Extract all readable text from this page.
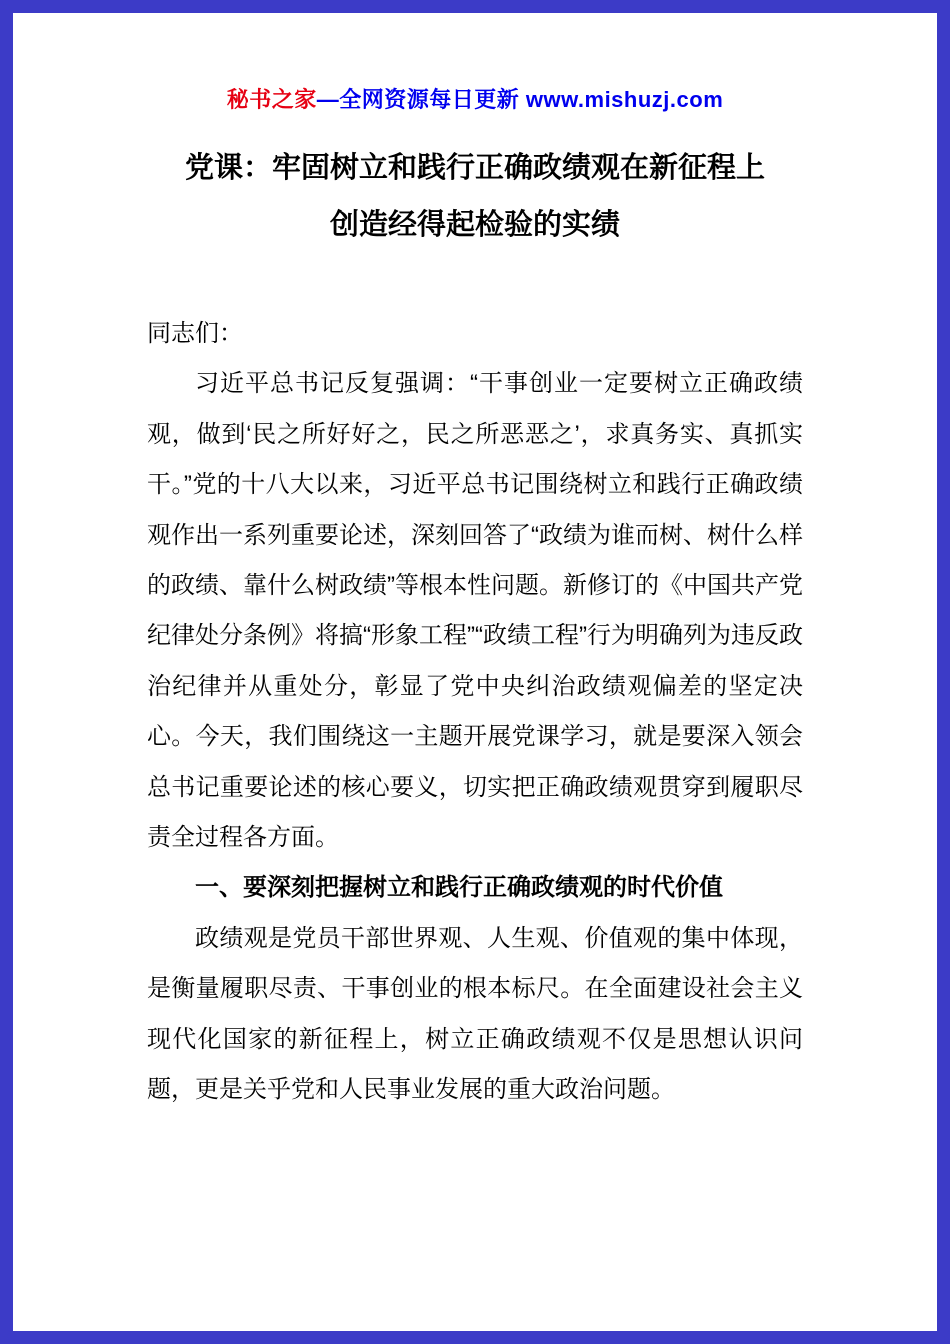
秘书之家—全网资源每日更新 www.mishuzj.com
党课：牢固树立和践行正确政绩观在新征程上
创造经得起检验的实绩

同志们：

习近平总书记反复强调：“干事创业一定要树立正确政绩观，做到‘民之所好好之，民之所恶恶之’，求真务实、真抓实干。”党的十八大以来，习近平总书记围绕树立和践行正确政绩观作出一系列重要论述，深刻回答了“政绩为谁而树、树什么样的政绩、靠什么树政绩”等根本性问题。新修订的《中国共产党纪律处分条例》将搞“形象工程”“政绩工程”行为明确列为违反政治纪律并从重处分，彰显了党中央纠治政绩观偏差的坚定决心。今天，我们围绕这一主题开展党课学习，就是要深入领会总书记重要论述的核心要义，切实把正确政绩观贯穿到履职尽责全过程各方面。

一、要深刻把握树立和践行正确政绩观的时代价值

政绩观是党员干部世界观、人生观、价值观的集中体现，是衡量履职尽责、干事创业的根本标尺。在全面建设社会主义现代化国家的新征程上，树立正确政绩观不仅是思想认识问题，更是关乎党和人民事业发展的重大政治问题。
